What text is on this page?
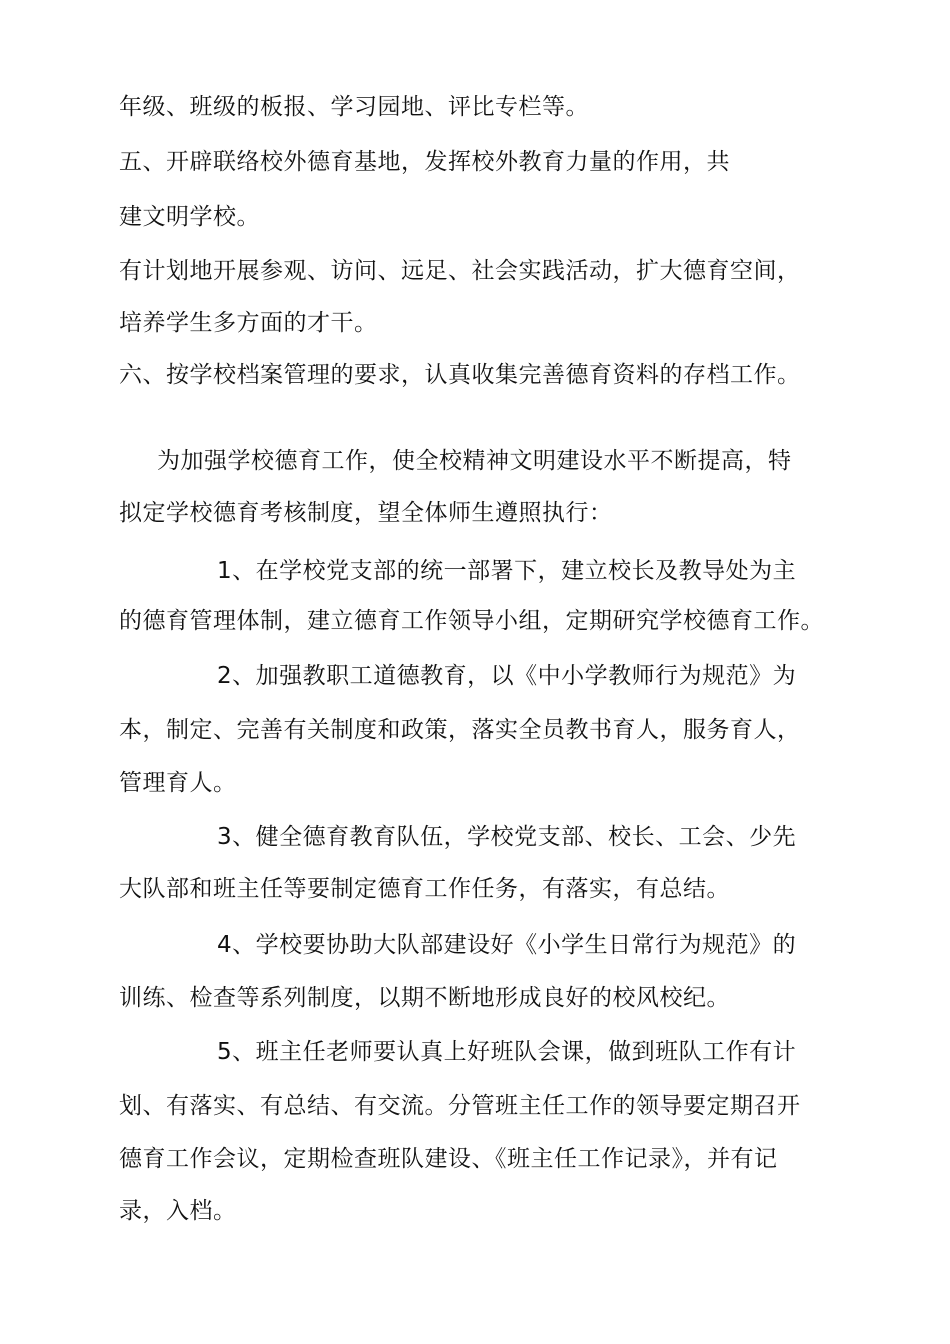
年级、班级的板报、学习园地、评比专栏等。
五、开辟联络校外德育基地，发挥校外教育力量的作用，共
建文明学校。
有计划地开展参观、访问、远足、社会实践活动，扩大德育空间，
培养学生多方面的才干。
六、按学校档案管理的要求，认真收集完善德育资料的存档工作。
为加强学校德育工作，使全校精神文明建设水平不断提高，特
拟定学校德育考核制度，望全体师生遵照执行：
1、在学校党支部的统一部署下，建立校长及教导处为主
的德育管理体制，建立德育工作领导小组，定期研究学校德育工作。
2、加强教职工道德教育，以《中小学教师行为规范》为
本，制定、完善有关制度和政策，落实全员教书育人，服务育人，
管理育人。
3、健全德育教育队伍，学校党支部、校长、工会、少先
大队部和班主任等要制定德育工作任务，有落实，有总结。
4、学校要协助大队部建设好《小学生日常行为规范》的
训练、检查等系列制度，以期不断地形成良好的校风校纪。
5、班主任老师要认真上好班队会课，做到班队工作有计
划、有落实、有总结、有交流。分管班主任工作的领导要定期召开
德育工作会议，定期检查班队建设、《班主任工作记录》，并有记
录，入档。
